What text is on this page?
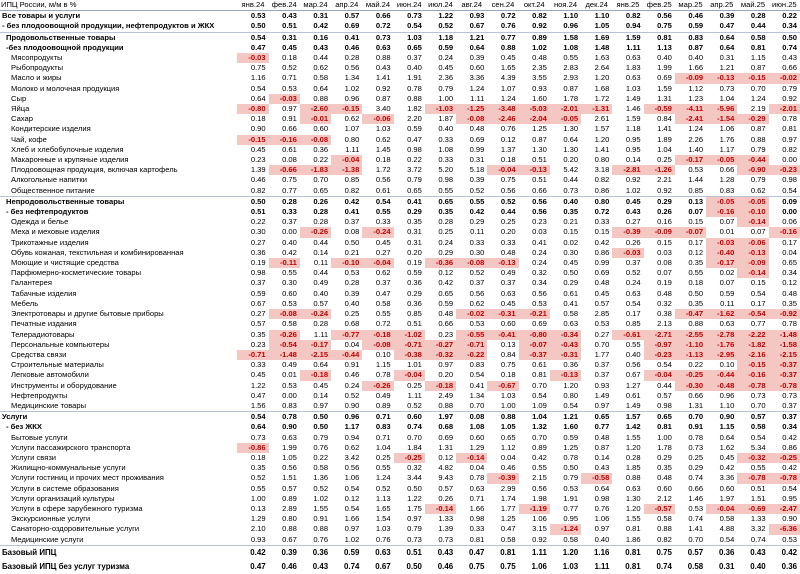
ИПЦ России, м/м в %	янв.24	фев.24	мар.24	апр.24	май.24	июн.24	июл.24	авг.24	сен.24	окт.24	ноя.24	дек.24	янв.25	фев.25	мар.25	апр.25	май.25	июн.25
Все товары и услуги	0.53	0.43	0.31	0.57	0.66	0.73	1.22	0.93	0.72	0.82	1.10	1.10	0.82	0.56	0.46	0.39	0.28	0.22
- без плодоовощной продукции, нефтепродуктов и ЖКХ	0.50	0.51	0.42	0.69	0.72	0.54	0.52	0.67	0.76	0.92	0.96	1.05	0.94	0.75	0.59	0.47	0.44	0.34
Продовольственные товары	0.54	0.31	0.16	0.41	0.73	1.03	1.18	1.21	0.77	0.89	1.58	1.69	1.59	0.81	0.83	0.64	0.58	0.50
-без плодоовощной продукции	0.47	0.45	0.43	0.46	0.63	0.65	0.59	0.64	0.88	1.02	1.08	1.48	1.11	1.13	0.87	0.64	0.81	0.74
Мясопродукты	-0.03	0.18	0.44	0.28	0.88	0.37	0.24	0.39	0.45	0.48	0.55	1.63	0.63	0.40	0.40	0.31	1.15	0.43
Рыбопродукты	0.75	0.52	0.62	0.56	0.43	0.40	0.45	0.60	1.65	2.35	2.83	2.64	1.83	1.99	1.66	1.21	0.87	0.66
Масло и жиры	1.16	0.71	0.58	1.34	1.41	1.91	2.36	3.36	4.39	3.55	2.93	1.20	0.63	0.69	-0.09	-0.13	-0.15	-0.02
Молоко и молочная продукция	0.54	0.53	0.64	1.02	0.92	0.78	0.79	1.24	1.07	0.93	0.87	1.68	1.03	1.59	1.12	0.73	0.70	0.79
Сыр	0.64	-0.03	0.88	0.96	0.87	0.88	1.00	1.11	1.24	1.60	1.78	1.72	1.49	1.31	1.23	1.04	1.24	0.92
Яйца	-0.80	0.97	-2.60	-0.15	3.40	1.82	-1.03	-1.25	-3.48	-5.03	-2.01	-1.31	1.46	-0.59	-4.11	-5.96	2.19	-2.01
Сахар	0.18	0.91	-0.01	0.62	-0.06	2.20	1.87	-0.08	-2.46	-2.04	-0.05	2.61	1.59	0.84	-2.41	-1.54	-0.29	0.78
Кондитерские изделия	0.90	0.66	0.60	1.07	1.03	0.59	0.40	0.48	0.76	1.25	1.30	1.57	1.18	1.41	1.24	1.06	0.87	0.81
Чай, кофе	-0.15	-0.16	-0.08	0.80	0.62	0.47	0.33	0.69	0.12	0.87	0.64	1.20	0.95	1.89	2.26	1.76	0.88	0.97
Хлеб и хлебобулочные изделия	0.45	0.61	0.36	1.11	1.45	0.98	1.08	0.99	1.37	1.30	1.30	1.41	0.95	1.04	1.40	1.17	0.79	0.82
Макаронные и крупяные изделия	0.23	0.08	0.22	-0.04	0.18	0.22	0.33	0.31	0.18	0.51	0.20	0.80	0.14	0.25	-0.17	-0.05	-0.44	0.00
Плодоовощная продукция, включая картофель	1.39	-0.66	-1.83	-1.38	1.72	3.72	5.20	5.18	-0.04	-0.13	5.42	3.18	-2.81	-1.26	0.53	0.66	-0.90	-0.23
Алкогольные напитки	0.46	0.75	0.70	0.85	0.56	0.79	0.98	0.39	0.75	0.51	0.44	0.82	0.92	2.21	1.44	1.28	0.79	0.98
Общественное питание	0.82	0.77	0.65	0.82	0.61	0.65	0.55	0.52	0.56	0.66	0.73	0.86	1.02	0.92	0.85	0.83	0.62	0.54
Непродовольственные товары	0.50	0.28	0.26	0.42	0.54	0.41	0.65	0.55	0.52	0.56	0.40	0.80	0.45	0.29	0.13	-0.05	-0.05	0.09
- без нефтепродуктов	0.51	0.33	0.28	0.41	0.55	0.29	0.35	0.42	0.44	0.56	0.35	0.72	0.43	0.26	0.07	-0.16	-0.10	0.00
Одежда и белье	0.22	0.37	0.28	0.37	0.33	0.35	0.28	0.29	0.25	0.23	0.21	0.33	0.27	0.16	0.15	0.07	-0.14	0.06
Меха и меховые изделия	0.30	0.00	-0.26	0.08	-0.24	0.31	0.25	0.11	0.20	0.03	0.15	0.15	-0.39	-0.09	-0.07	0.01	0.07	-0.16
Трикотажные изделия	0.27	0.40	0.44	0.50	0.45	0.31	0.24	0.33	0.33	0.41	0.02	0.42	0.26	0.15	0.17	-0.03	-0.06	0.17
Обувь кожаная, текстильная и комбинированная	0.36	0.42	0.14	0.21	0.27	0.20	0.29	0.30	0.48	0.24	0.30	0.86	-0.03	0.03	0.12	-0.40	-0.13	0.04
Моющие и чистящие средства	0.19	-0.11	0.11	-0.10	-0.04	0.19	-0.36	-0.08	-0.13	0.24	0.45	0.99	0.37	0.08	0.35	-0.17	-0.09	0.65
Парфюмерно-косметические товары	0.98	0.55	0.44	0.53	0.62	0.59	0.12	0.52	0.49	0.32	0.50	0.69	0.52	0.07	0.55	0.02	-0.14	0.34
Галантерея	0.37	0.30	0.49	0.28	0.37	0.36	0.42	0.37	0.37	0.34	0.29	0.48	0.24	0.19	0.18	0.07	0.15	0.12
Табачные изделия	0.59	0.60	0.40	0.39	0.47	0.29	0.65	0.56	0.63	0.56	0.61	0.45	0.63	0.48	0.50	0.59	0.54	0.48
Мебель	0.67	0.53	0.57	0.40	0.58	0.36	0.59	0.62	0.45	0.53	0.41	0.57	0.54	0.32	0.35	0.11	0.17	0.35
Электротовары и другие бытовые приборы	0.27	-0.08	-0.24	0.25	0.55	0.85	0.48	-0.02	-0.31	-0.21	0.58	2.85	0.17	0.38	-0.47	-1.62	-0.54	-0.92
Печатные издания	0.57	0.58	0.28	0.68	0.72	0.51	0.66	0.53	0.60	0.69	0.63	0.53	0.85	2.13	0.88	0.63	0.77	0.78
Телерадиотовары	0.35	-0.26	1.11	-0.77	-0.18	-1.02	0.23	-0.55	-0.41	-0.80	-0.34	0.27	-0.61	-2.71	-2.55	-2.78	-2.22	-1.48
Персональные компьютеры	0.23	-0.54	-0.17	0.04	-0.08	-0.71	-0.27	-0.71	0.13	-0.07	-0.43	0.70	0.55	-0.97	-1.10	-1.76	-1.82	-1.58
Средства связи	-0.71	-1.48	-2.15	-0.44	0.10	-0.38	-0.32	-0.22	0.84	-0.37	-0.31	1.77	0.40	-0.23	-1.13	-2.95	-2.16	-2.15
Строительные материалы	0.33	0.49	0.64	0.91	1.15	1.01	0.97	0.83	0.75	0.61	0.36	0.37	0.56	0.54	0.22	0.10	-0.15	-0.37
Легковые автомобили	0.45	0.01	-0.18	0.46	0.78	-0.04	0.20	0.54	0.18	0.81	-0.13	0.37	0.67	-0.04	-0.25	-0.44	-0.16	-0.37
Инструменты и оборудование	1.22	0.53	0.45	0.24	-0.26	0.25	-0.18	0.41	-0.67	0.70	1.20	0.93	1.27	0.44	-0.30	-0.48	-0.78	-0.78
Нефтепродукты	0.47	0.00	0.14	0.52	0.49	1.11	2.49	1.34	1.03	0.54	0.80	1.49	0.61	0.57	0.66	0.96	0.73	0.73
Медицинские товары	1.56	0.83	0.97	0.90	0.89	0.52	0.88	0.70	1.00	1.09	0.54	0.97	1.49	0.98	1.31	1.10	0.70	0.37
Услуги	0.54	0.78	0.50	0.96	0.71	0.60	1.97	0.08	0.88	1.04	1.21	0.65	1.57	0.65	0.70	0.90	0.57	0.37
- без ЖКХ	0.64	0.90	0.50	1.17	0.83	0.74	0.68	1.08	1.05	1.32	1.60	0.77	1.42	0.81	0.91	1.15	0.58	0.34
Бытовые услуги	0.73	0.63	0.79	0.94	0.71	0.70	0.69	0.60	0.65	0.70	0.59	0.48	1.55	1.00	0.78	0.64	0.54	0.42
Услуги пассажирского транспорта	-0.86	1.99	0.76	0.62	1.04	1.84	1.31	1.29	1.12	0.89	1.25	0.87	1.20	1.78	0.73	1.62	5.34	0.86
Услуги связи	0.18	1.05	0.22	3.42	0.25	-0.25	0.12	-0.14	0.04	0.42	0.78	0.14	0.28	0.29	0.25	0.45	-0.32	-0.25
Жилищно-коммунальные услуги	0.35	0.56	0.58	0.56	0.55	0.32	4.82	0.04	0.46	0.55	0.50	0.43	1.85	0.35	0.29	0.42	0.55	0.42
Услуги гостиниц и прочих мест проживания	0.52	1.51	1.36	1.06	1.24	3.44	9.43	0.78	-0.39	2.15	0.79	-0.58	0.88	0.48	0.74	3.36	-0.78	-0.78
Услуги в системе образования	0.55	0.57	0.52	0.54	0.52	0.50	0.57	0.63	2.99	0.56	0.53	0.64	0.63	0.60	0.66	0.60	0.51	0.54
Услуги организаций культуры	1.00	0.89	1.02	0.12	1.13	1.22	0.26	0.71	1.74	1.98	1.91	0.98	1.30	2.12	1.46	1.97	1.51	0.95
Услуги в сфере зарубежного туризма	0.13	2.89	1.55	0.54	1.65	1.75	-0.14	1.66	1.77	-1.19	0.77	0.76	1.20	-0.57	0.53	-0.04	-0.69	-2.47
Экскурсионные услуги	1.29	0.80	0.91	1.66	1.54	0.97	1.33	0.98	1.25	1.06	0.95	1.06	1.55	0.58	0.74	0.58	1.33	0.90
Санаторно-оздоровительные услуги	2.10	0.88	0.88	0.97	1.03	0.79	1.39	0.33	0.47	3.15	-1.24	0.97	0.81	0.88	1.41	4.88	3.32	-6.36
Медицинские услуги	0.93	0.67	0.76	1.02	0.76	0.73	0.73	0.81	0.58	0.92	0.58	0.40	1.86	0.82	0.70	0.54	0.74	0.53
Базовый ИПЦ	0.42	0.39	0.36	0.59	0.63	0.51	0.43	0.47	0.81	1.11	1.20	1.16	0.81	0.75	0.57	0.36	0.43	0.42
Базовый ИПЦ без услуг туризма	0.47	0.46	0.43	0.74	0.67	0.50	0.46	0.75	0.75	1.06	1.03	1.11	0.81	0.74	0.58	0.31	0.40	0.36
